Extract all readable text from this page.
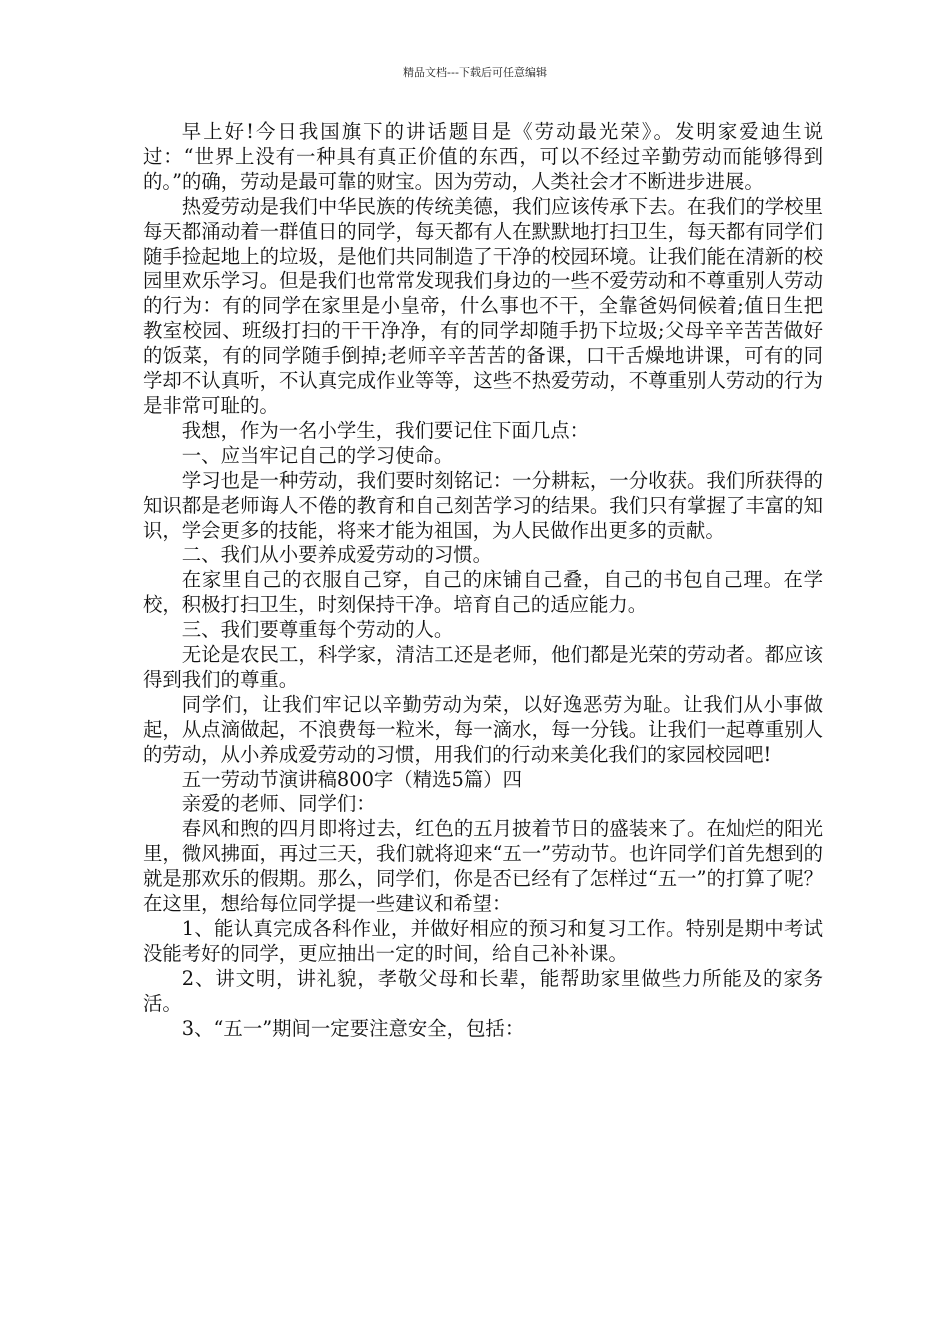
精品文档---下载后可任意编辑

早上好!今日我国旗下的讲话题目是《劳动最光荣》。发明家爱迪生说过：“世界上没有一种具有真正价值的东西，可以不经过辛勤劳动而能够得到的。”的确，劳动是最可靠的财宝。因为劳动，人类社会才不断进步进展。

热爱劳动是我们中华民族的传统美德，我们应该传承下去。在我们的学校里每天都涌动着一群值日的同学，每天都有人在默默地打扫卫生，每天都有同学们随手捡起地上的垃圾，是他们共同制造了干净的校园环境。让我们能在清新的校园里欢乐学习。但是我们也常常发现我们身边的一些不爱劳动和不尊重别人劳动的行为：有的同学在家里是小皇帝，什么事也不干，全靠爸妈伺候着;值日生把教室校园、班级打扫的干干净净，有的同学却随手扔下垃圾;父母辛辛苦苦做好的饭菜，有的同学随手倒掉;老师辛辛苦苦的备课，口干舌燥地讲课，可有的同学却不认真听，不认真完成作业等等，这些不热爱劳动，不尊重别人劳动的行为是非常可耻的。

我想，作为一名小学生，我们要记住下面几点：

一、应当牢记自己的学习使命。

学习也是一种劳动，我们要时刻铭记：一分耕耘，一分收获。我们所获得的知识都是老师诲人不倦的教育和自己刻苦学习的结果。我们只有掌握了丰富的知识，学会更多的技能，将来才能为祖国，为人民做作出更多的贡献。

二、我们从小要养成爱劳动的习惯。

在家里自己的衣服自己穿，自己的床铺自己叠，自己的书包自己理。在学校，积极打扫卫生，时刻保持干净。培育自己的适应能力。

三、我们要尊重每个劳动的人。

无论是农民工，科学家，清洁工还是老师，他们都是光荣的劳动者。都应该得到我们的尊重。

同学们，让我们牢记以辛勤劳动为荣，以好逸恶劳为耻。让我们从小事做起，从点滴做起，不浪费每一粒米，每一滴水，每一分钱。让我们一起尊重别人的劳动，从小养成爱劳动的习惯，用我们的行动来美化我们的家园校园吧!

五一劳动节演讲稿800字（精选5篇）四

亲爱的老师、同学们：

春风和煦的四月即将过去，红色的五月披着节日的盛装来了。在灿烂的阳光里，微风拂面，再过三天，我们就将迎来“五一”劳动节。也许同学们首先想到的就是那欢乐的假期。那么，同学们，你是否已经有了怎样过“五一”的打算了呢？在这里，想给每位同学提一些建议和希望：

1、能认真完成各科作业，并做好相应的预习和复习工作。特别是期中考试没能考好的同学，更应抽出一定的时间，给自己补补课。

2、讲文明，讲礼貌，孝敬父母和长辈，能帮助家里做些力所能及的家务活。

3、“五一”期间一定要注意安全，包括：
